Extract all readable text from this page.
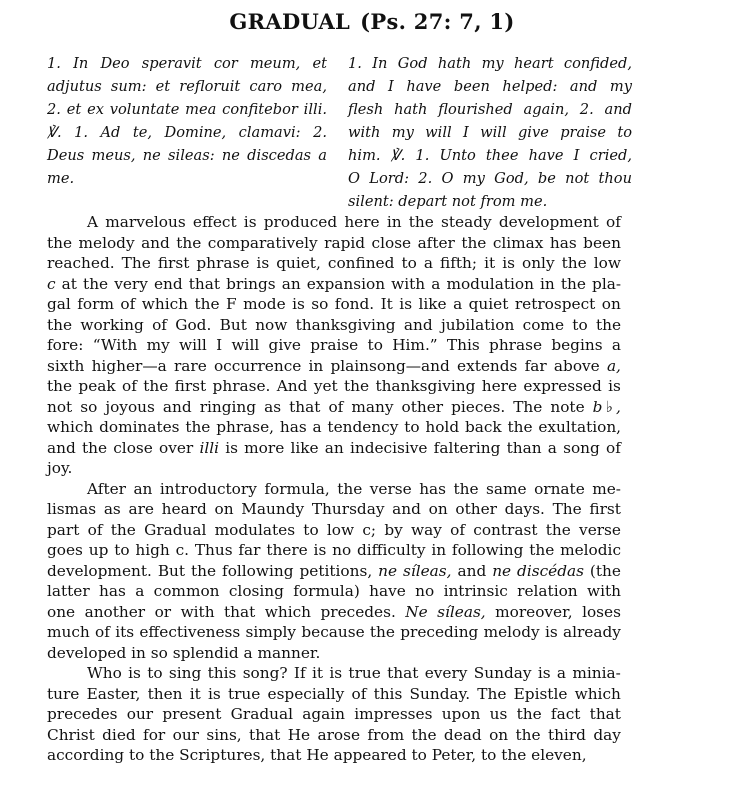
GRADUAL (Ps. 27: 7, 1)
1. In Deo speravit cor meum, et
adjutus sum: et refloruit caro mea,
2. et ex voluntate mea confitebor illi.
℣. 1. Ad te, Domine, clamavi: 2.
Deus meus, ne sileas: ne discedas a
me.
1. In God hath my heart confided,
and I have been helped: and my
flesh hath flourished again, 2. and
with my will I will give praise to
him. ℣. 1. Unto thee have I cried,
O Lord: 2. O my God, be not thou
silent: depart not from me.
A marvelous effect is produced here in the steady development of
the melody and the comparatively rapid close after the climax has been
reached. The first phrase is quiet, confined to a fifth; it is only the low
c at the very end that brings an expansion with a modulation in the pla-
gal form of which the F mode is so fond. It is like a quiet retrospect on
the working of God. But now thanksgiving and jubilation come to the
fore: “With my will I will give praise to Him.” This phrase begins a
sixth higher—a rare occurrence in plainsong—and extends far above a,
the peak of the first phrase. And yet the thanksgiving here expressed is
not so joyous and ringing as that of many other pieces. The note b♭,
which dominates the phrase, has a tendency to hold back the exultation,
and the close over illi is more like an indecisive faltering than a song of
joy.
After an introductory formula, the verse has the same ornate me-
lismas as are heard on Maundy Thursday and on other days. The first
part of the Gradual modulates to low c; by way of contrast the verse
goes up to high c. Thus far there is no difficulty in following the melodic
development. But the following petitions, ne síleas, and ne discédas (the
latter has a common closing formula) have no intrinsic relation with
one another or with that which precedes. Ne síleas, moreover, loses
much of its effectiveness simply because the preceding melody is already
developed in so splendid a manner.
Who is to sing this song? If it is true that every Sunday is a minia-
ture Easter, then it is true especially of this Sunday. The Epistle which
precedes our present Gradual again impresses upon us the fact that
Christ died for our sins, that He arose from the dead on the third day
according to the Scriptures, that He appeared to Peter, to the eleven,
